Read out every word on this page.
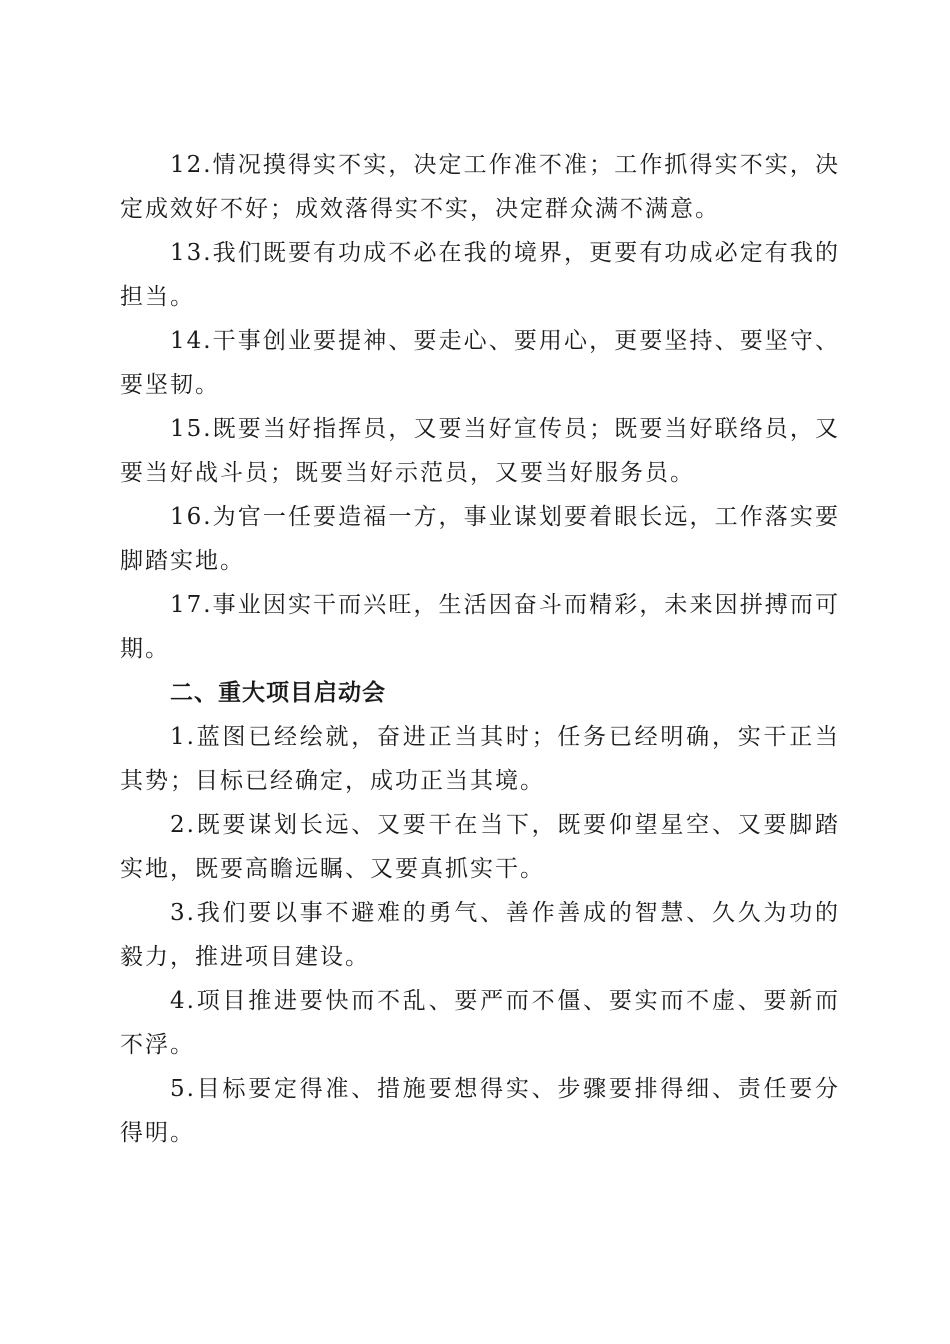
12.情况摸得实不实，决定工作准不准；工作抓得实不实，决定成效好不好；成效落得实不实，决定群众满不满意。

13.我们既要有功成不必在我的境界，更要有功成必定有我的担当。

14.干事创业要提神、要走心、要用心，更要坚持、要坚守、要坚韧。

15.既要当好指挥员，又要当好宣传员；既要当好联络员，又要当好战斗员；既要当好示范员，又要当好服务员。

16.为官一任要造福一方，事业谋划要着眼长远，工作落实要脚踏实地。

17.事业因实干而兴旺，生活因奋斗而精彩，未来因拼搏而可期。

二、重大项目启动会

1.蓝图已经绘就，奋进正当其时；任务已经明确，实干正当其势；目标已经确定，成功正当其境。

2.既要谋划长远、又要干在当下，既要仰望星空、又要脚踏实地，既要高瞻远瞩、又要真抓实干。

3.我们要以事不避难的勇气、善作善成的智慧、久久为功的毅力，推进项目建设。

4.项目推进要快而不乱、要严而不僵、要实而不虚、要新而不浮。

5.目标要定得准、措施要想得实、步骤要排得细、责任要分得明。
